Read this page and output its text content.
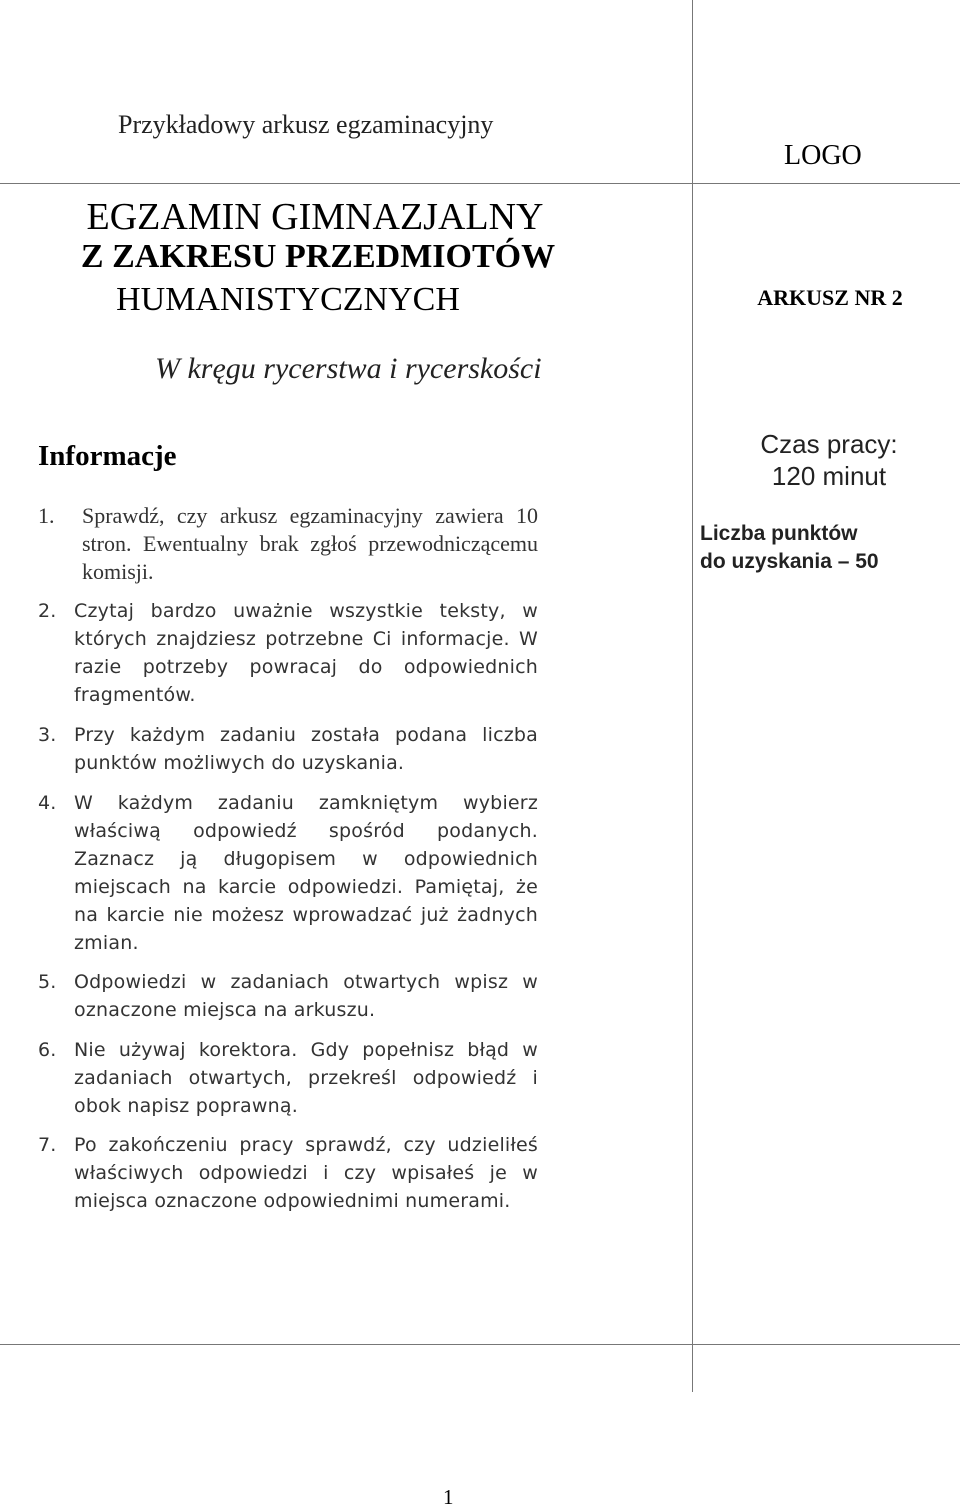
Przykładowy arkusz egzaminacyjny
LOGO
EGZAMIN GIMNAZJALNY
Z ZAKRESU PRZEDMIOTÓW
HUMANISTYCZNYCH	ARKUSZ NR 2
W kręgu rycerstwa i rycerskości
Informacje	Czas pracy:
120 minut
Liczba punktów
do uzyskania – 50
1. Sprawdź, czy arkusz egzaminacyjny zawiera 10 stron. Ewentualny brak zgłoś przewodniczącemu komisji.
2. Czytaj bardzo uważnie wszystkie teksty, w których znajdziesz potrzebne Ci informacje. W razie potrzeby powracaj do odpowiednich fragmentów.
3. Przy każdym zadaniu została podana liczba punktów możliwych do uzyskania.
4. W każdym zadaniu zamkniętym wybierz właściwą odpowiedź spośród podanych. Zaznacz ją długopisem w odpowiednich miejscach na karcie odpowiedzi. Pamiętaj, że na karcie nie możesz wprowadzać już żadnych zmian.
5. Odpowiedzi w zadaniach otwartych wpisz w oznaczone miejsca na arkuszu.
6. Nie używaj korektora. Gdy popełnisz błąd w zadaniach otwartych, przekreśl odpowiedź i obok napisz poprawną.
7. Po zakończeniu pracy sprawdź, czy udzieliłeś właściwych odpowiedzi i czy wpisałeś je w miejsca oznaczone odpowiednimi numerami.
1
